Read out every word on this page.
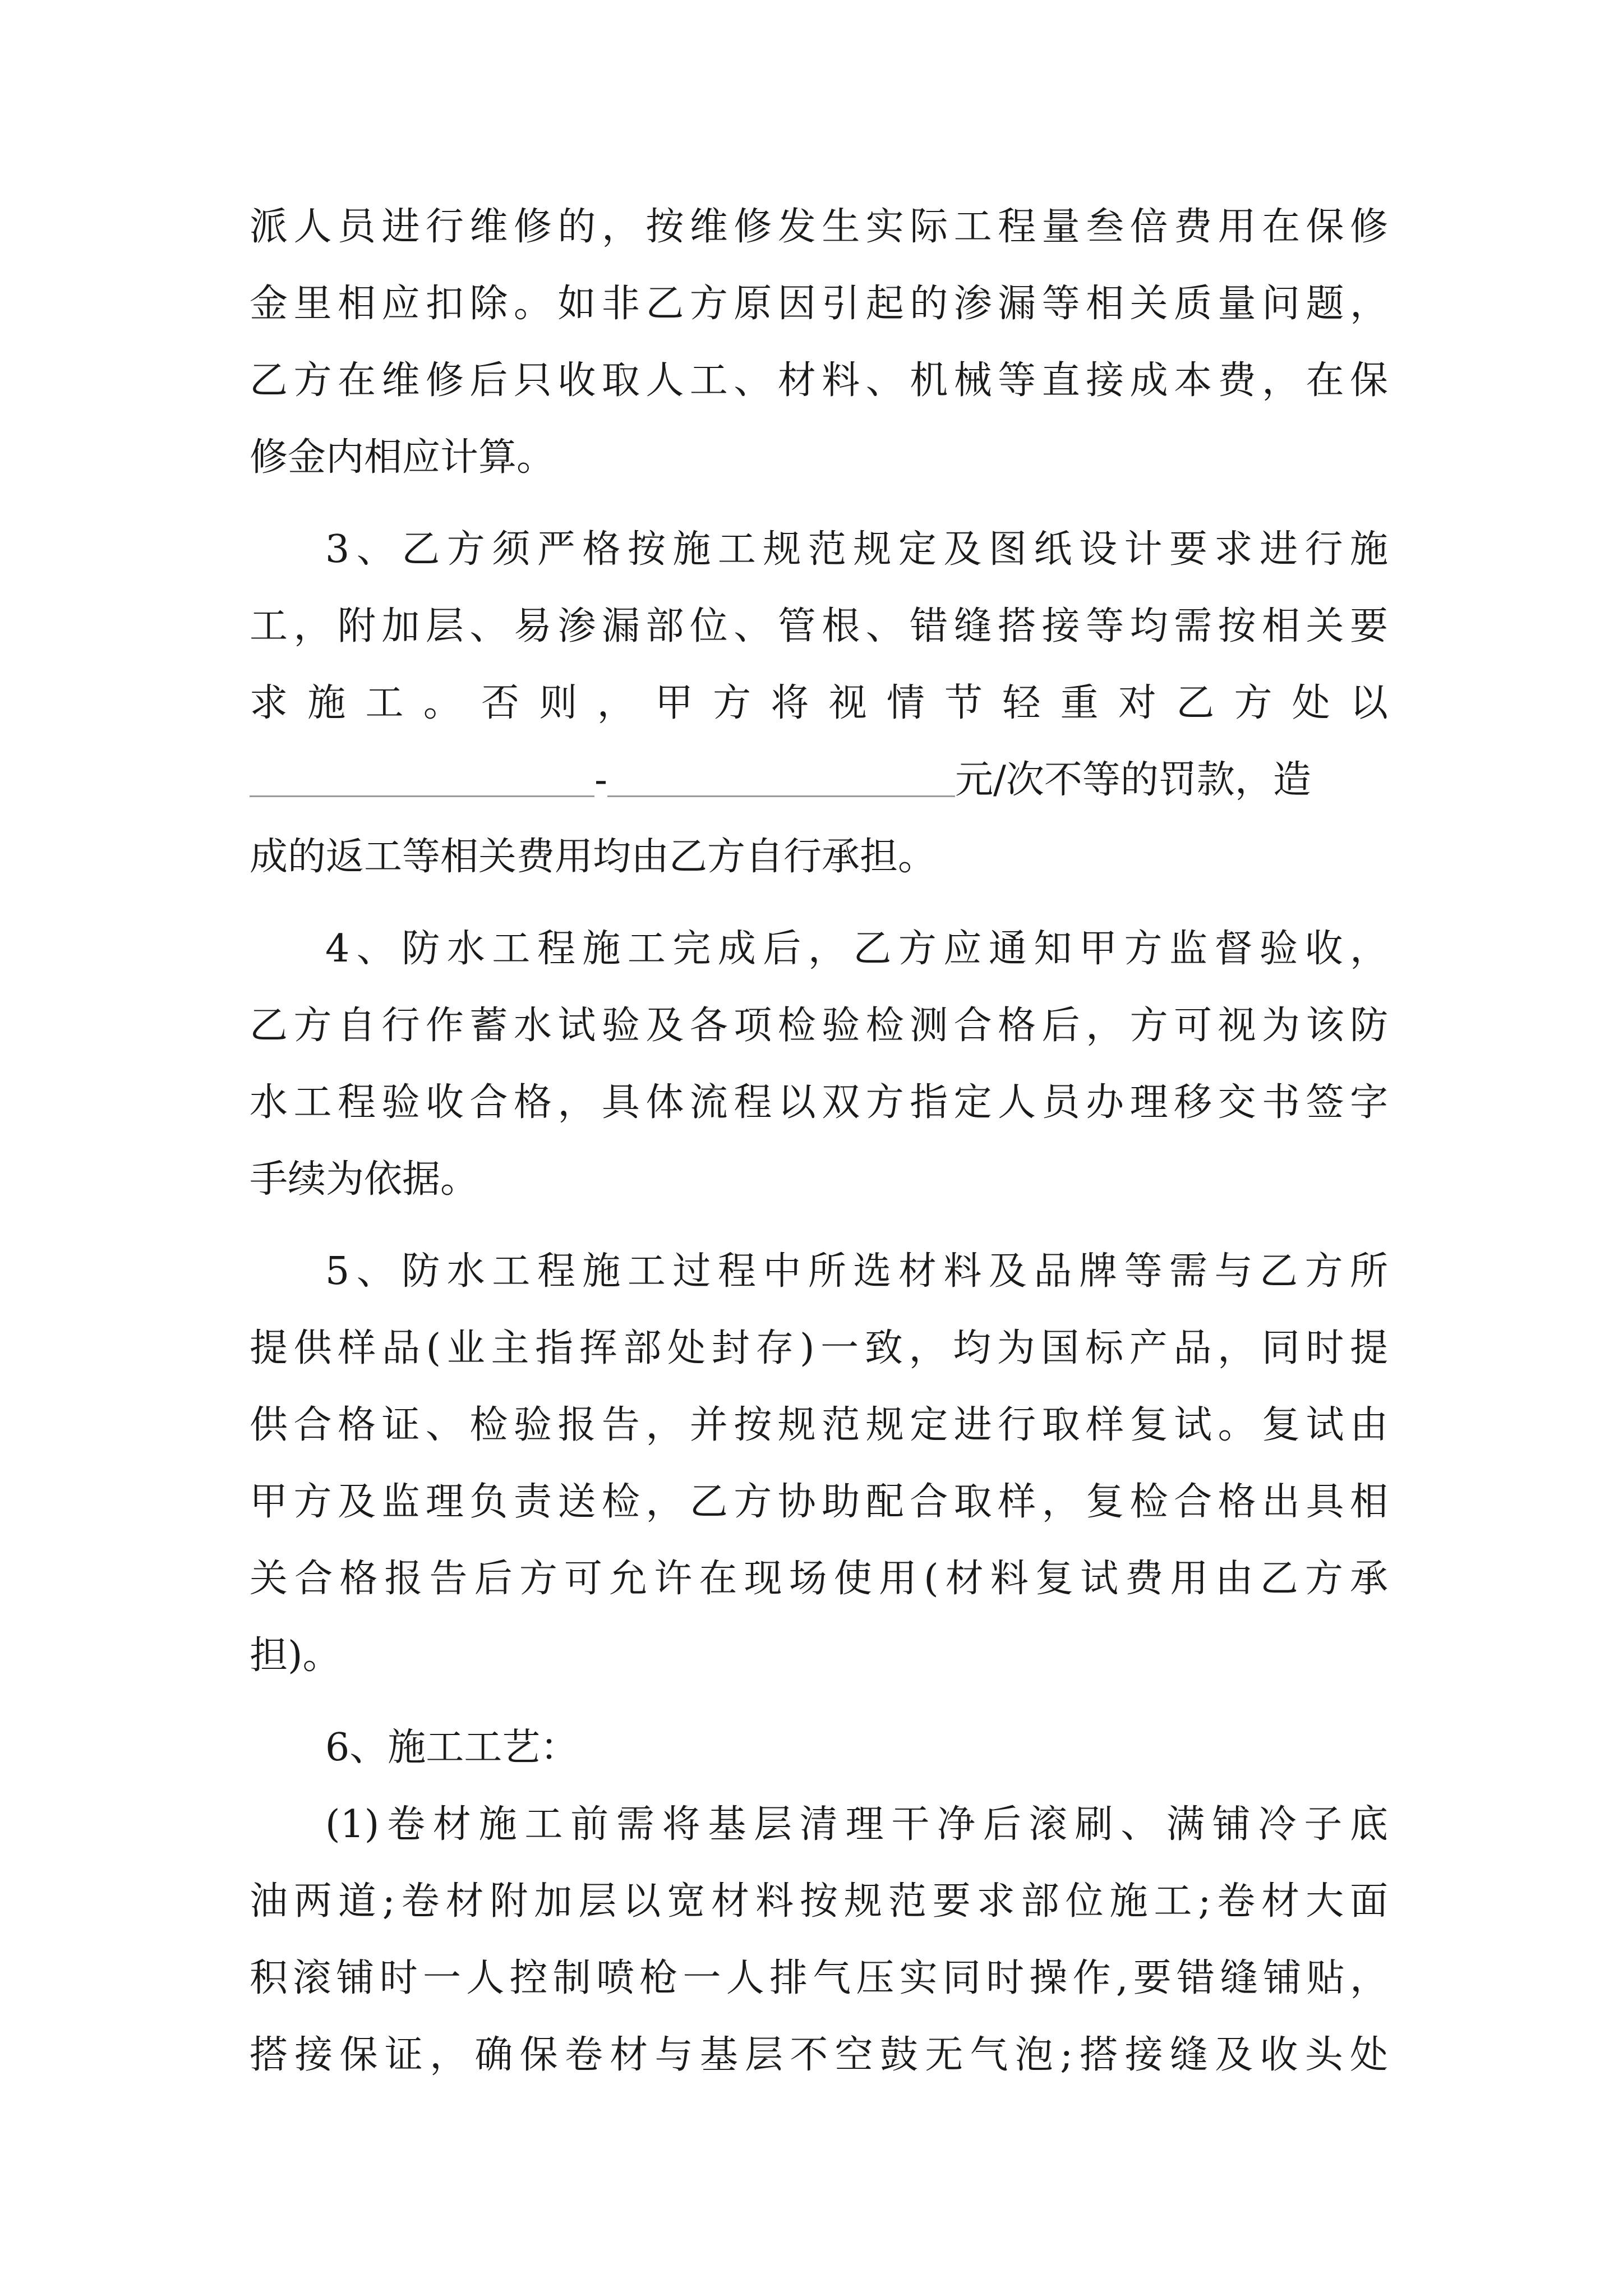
派人员进行维修的，按维修发生实际工程量叁倍费用在保修
金里相应扣除。如非乙方原因引起的渗漏等相关质量问题，
乙方在维修后只收取人工、材料、机械等直接成本费，在保
修金内相应计算。
3、乙方须严格按施工规范规定及图纸设计要求进行施
工，附加层、易渗漏部位、管根、错缝搭接等均需按相关要
求 施 工 。 否 则 ， 甲 方 将 视 情 节 轻 重 对 乙 方 处 以
-	元/次不等的罚款，造
成的返工等相关费用均由乙方自行承担。
4、防水工程施工完成后，乙方应通知甲方监督验收，
乙方自行作蓄水试验及各项检验检测合格后，方可视为该防
水工程验收合格，具体流程以双方指定人员办理移交书签字
手续为依据。
5、防水工程施工过程中所选材料及品牌等需与乙方所
提供样品(业主指挥部处封存)一致，均为国标产品，同时提
供合格证、检验报告，并按规范规定进行取样复试。复试由
甲方及监理负责送检，乙方协助配合取样，复检合格出具相
关合格报告后方可允许在现场使用(材料复试费用由乙方承
担)。
6、施工工艺：
(1)卷材施工前需将基层清理干净后滚刷、满铺冷子底
油两道;卷材附加层以宽材料按规范要求部位施工;卷材大面
积滚铺时一人控制喷枪一人排气压实同时操作,要错缝铺贴，
搭接保证，确保卷材与基层不空鼓无气泡;搭接缝及收头处
